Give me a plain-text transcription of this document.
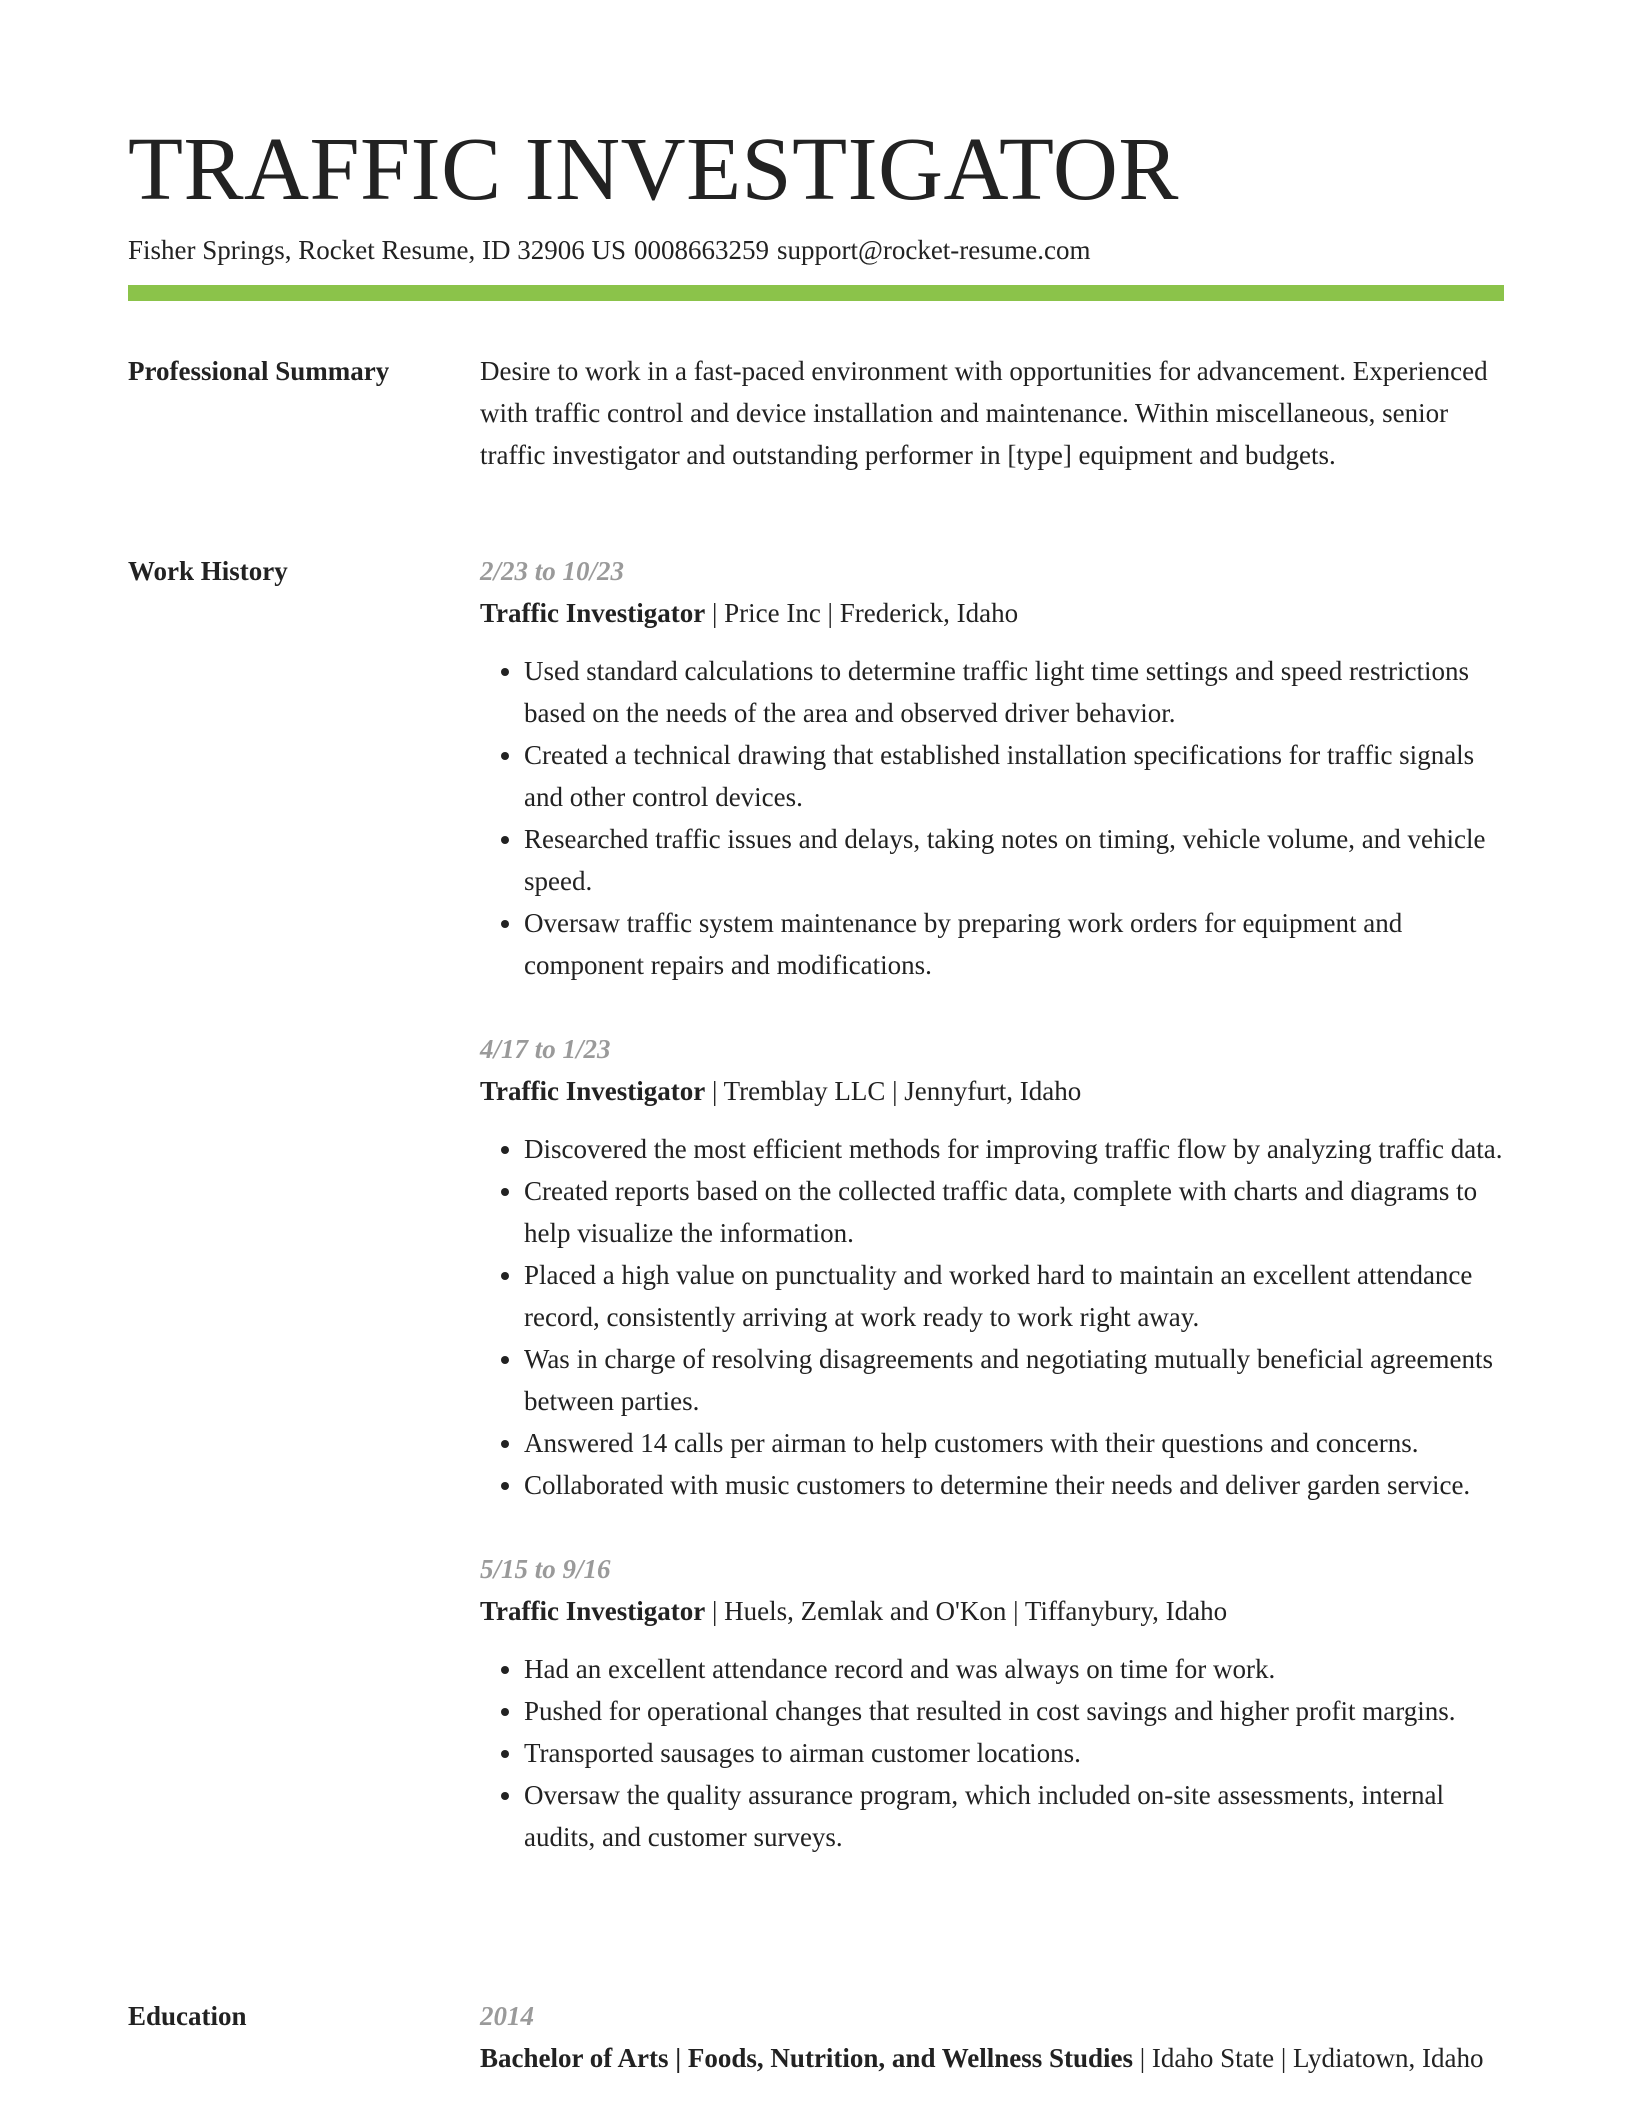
TRAFFIC INVESTIGATOR
Fisher Springs, Rocket Resume, ID 32906 US 0008663259 support@rocket-resume.com
Professional Summary	Desire to work in a fast-paced environment with opportunities for advancement. Experienced with traffic control and device installation and maintenance. Within miscellaneous, senior traffic investigator and outstanding performer in [type] equipment and budgets.

Work History	2/23 to 10/23
Traffic Investigator | Price Inc | Frederick, Idaho
• Used standard calculations to determine traffic light time settings and speed restrictions based on the needs of the area and observed driver behavior.
• Created a technical drawing that established installation specifications for traffic signals and other control devices.
• Researched traffic issues and delays, taking notes on timing, vehicle volume, and vehicle speed.
• Oversaw traffic system maintenance by preparing work orders for equipment and component repairs and modifications.
4/17 to 1/23
Traffic Investigator | Tremblay LLC | Jennyfurt, Idaho
• Discovered the most efficient methods for improving traffic flow by analyzing traffic data.
• Created reports based on the collected traffic data, complete with charts and diagrams to help visualize the information.
• Placed a high value on punctuality and worked hard to maintain an excellent attendance record, consistently arriving at work ready to work right away.
• Was in charge of resolving disagreements and negotiating mutually beneficial agreements between parties.
• Answered 14 calls per airman to help customers with their questions and concerns.
• Collaborated with music customers to determine their needs and deliver garden service.
5/15 to 9/16
Traffic Investigator | Huels, Zemlak and O'Kon | Tiffanybury, Idaho
• Had an excellent attendance record and was always on time for work.
• Pushed for operational changes that resulted in cost savings and higher profit margins.
• Transported sausages to airman customer locations.
• Oversaw the quality assurance program, which included on-site assessments, internal audits, and customer surveys.
Education	2014
Bachelor of Arts | Foods, Nutrition, and Wellness Studies | Idaho State | Lydiatown, Idaho
